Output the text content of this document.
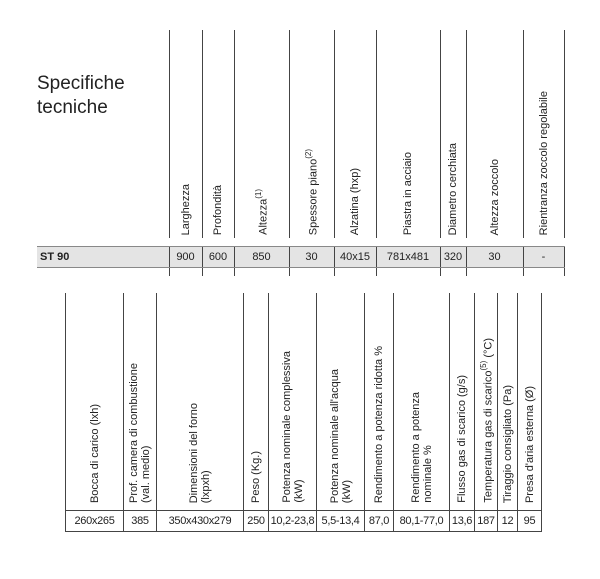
Specifiche
tecniche
	Larghezza	Profondità	Altezza$^{(1)}$	Spessore piano$^{(2)}$	Alzatina (hxp)	Piastra in acciaio	Diametro cerchiata	Altezza zoccolo	Rientranza zoccolo regolabile	

ST 90	900	600	850	30	40x15	781x481	320	30	-	

Bocca di carico (lxh)	Prof. camera di combustione (val. medio)	Dimensioni del forno (lxpxh)	Peso (Kg.)	Potenza nominale complessiva (kW)	Potenza nominale all'acqua (kW)	Rendimento a potenza ridotta %	Rendimento a potenza nominale %	Flusso gas di scarico (g/s)	Temperatura gas di scarico$^{(5)}$ (°C)	Tiraggio consigliato (Pa)	Presa d'aria esterna (Ø)	

260x265	385	350x430x279	250	10,2-23,8	5,5-13,4	87,0	80,1-77,0	13,6	187	12	95	
